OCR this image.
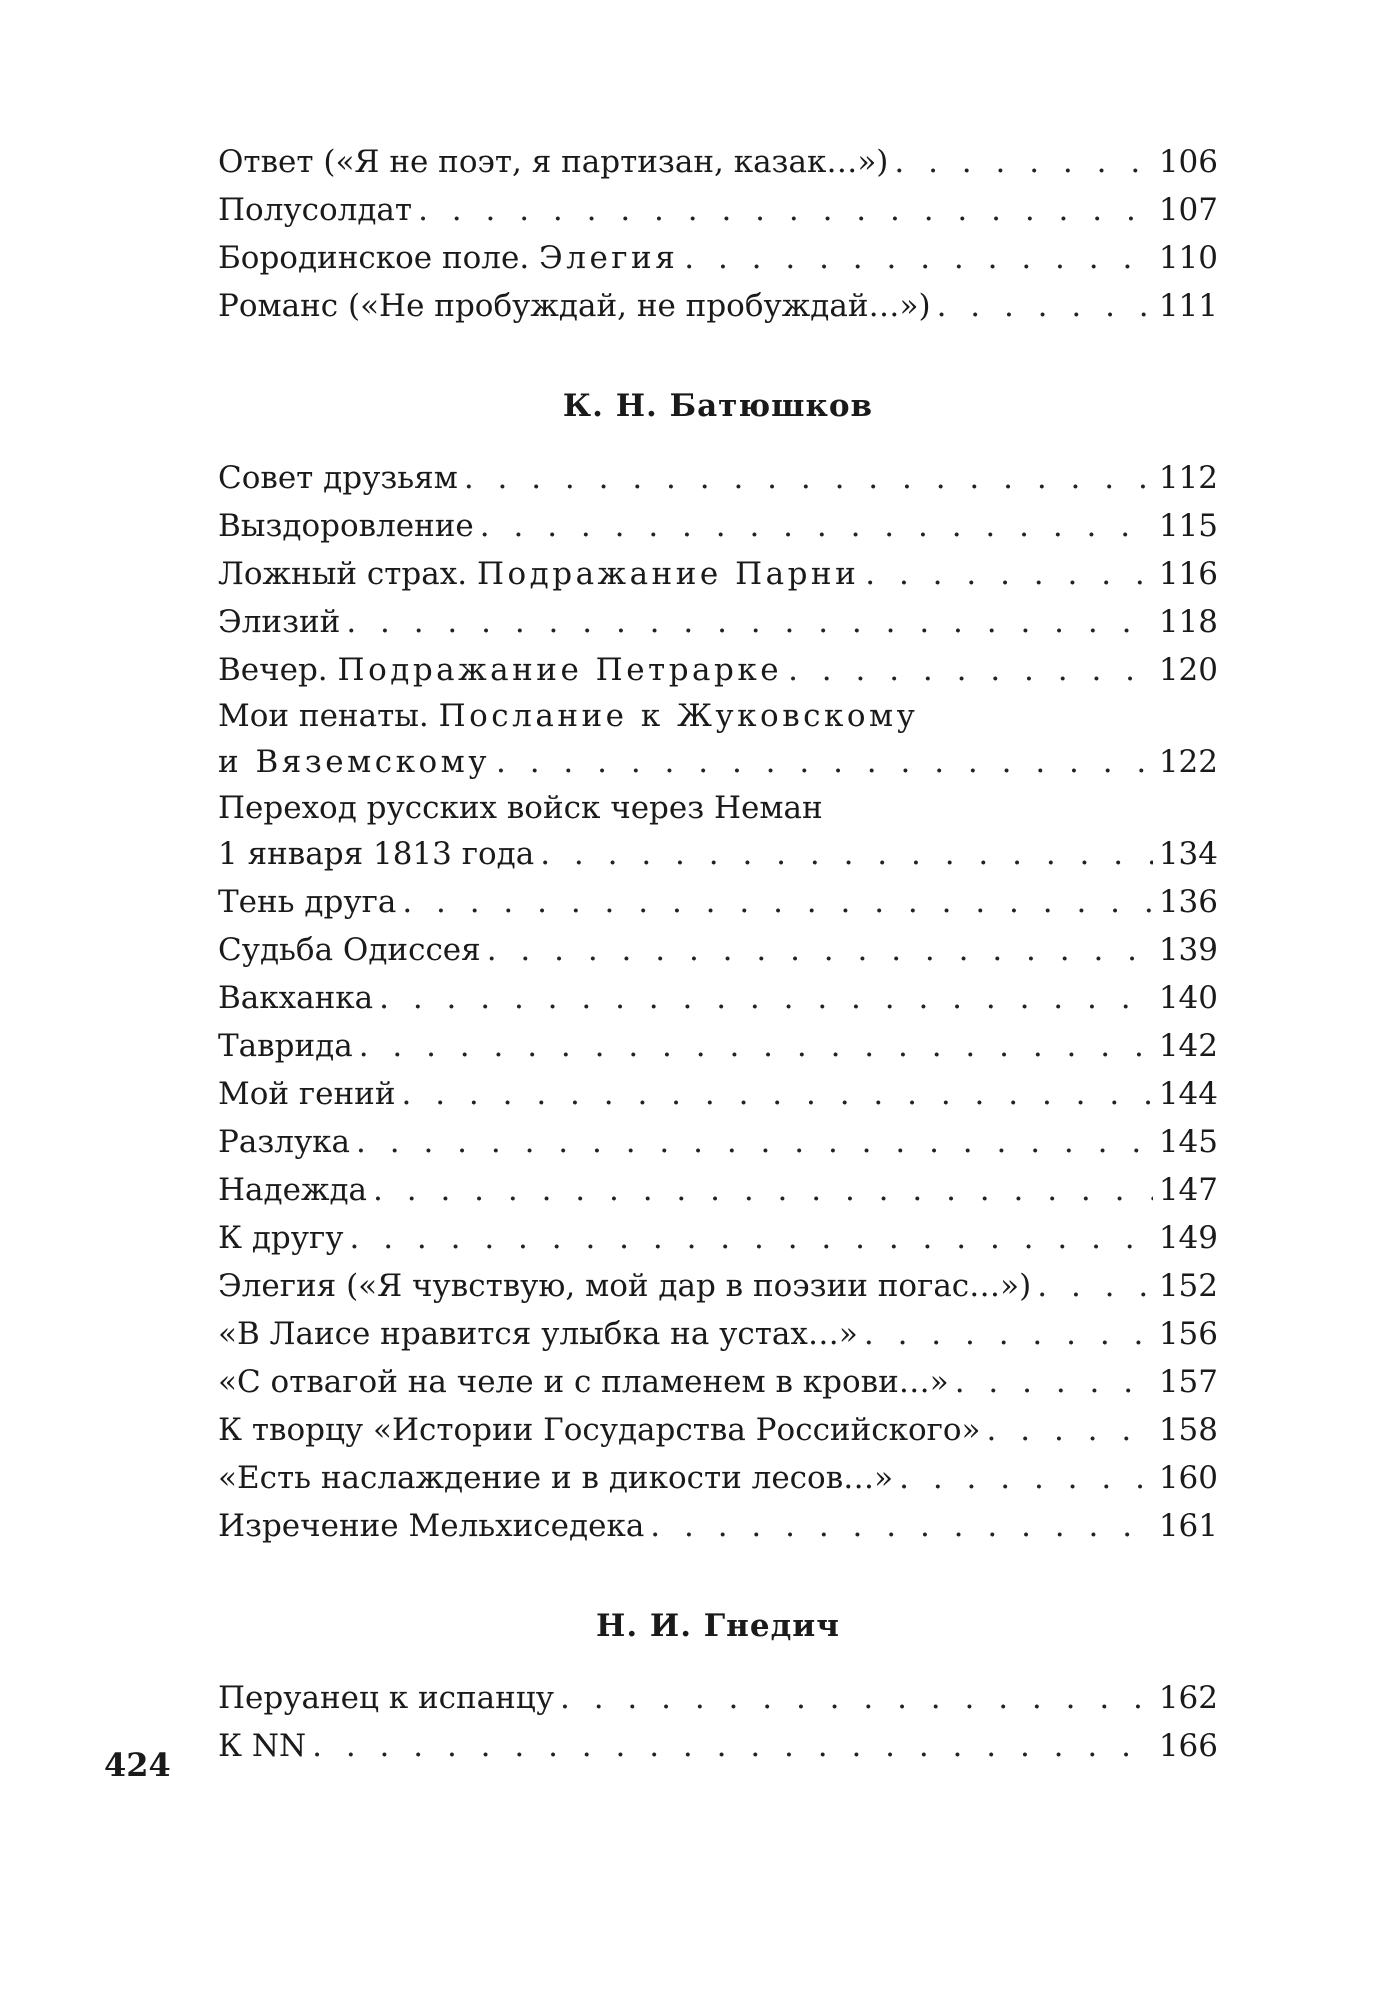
Ответ («Я не поэт, я партизан, казак…») . . .	106
Полусолдат . . .	107
Бородинское поле. Элегия . . .	110
Романс («Не пробуждай, не пробуждай…») . . .	111
К. Н. Батюшков
Совет друзьям . . .	112
Выздоровление . . .	115
Ложный страх. Подражание Парни . . .	116
Элизий . . .	118
Вечер. Подражание Петрарке . . .	120
Мои пенаты. Послание к Жуковскому
и Вяземскому . . .	122
Переход русских войск через Неман
1 января 1813 года . . .	134
Тень друга . . .	136
Судьба Одиссея . . .	139
Вакханка . . .	140
Таврида . . .	142
Мой гений . . .	144
Разлука . . .	145
Надежда . . .	147
К другу . . .	149
Элегия («Я чувствую, мой дар в поэзии погас…») . . .	152
«В Лаисе нравится улыбка на устах…» . . .	156
«С отвагой на челе и с пламенем в крови…» . . .	157
К творцу «Истории Государства Российского» . . .	158
«Есть наслаждение и в дикости лесов…» . . .	160
Изречение Мельхиседека . . .	161
Н. И. Гнедич
Перуанец к испанцу . . .	162
К NN . . .	166
424
